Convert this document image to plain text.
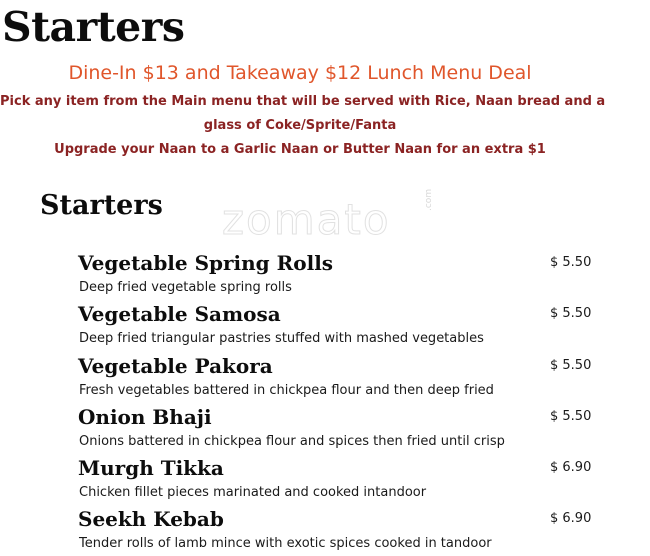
Starters
Dine-In $13 and Takeaway $12 Lunch Menu Deal
Pick any item from the Main menu that will be served with Rice, Naan bread and a
glass of Coke/Sprite/Fanta
Upgrade your Naan to a Garlic Naan or Butter Naan for an extra $1
zomato	.com
Starters
Vegetable Spring Rolls
Deep fried vegetable spring rolls
$ 5.50
Vegetable Samosa
Deep fried triangular pastries stuffed with mashed vegetables
$ 5.50
Vegetable Pakora
Fresh vegetables battered in chickpea flour and then deep fried
$ 5.50
Onion Bhaji
Onions battered in chickpea flour and spices then fried until crisp
$ 5.50
Murgh Tikka
Chicken fillet pieces marinated and cooked intandoor
$ 6.90
Seekh Kebab
Tender rolls of lamb mince with exotic spices cooked in tandoor
$ 6.90
